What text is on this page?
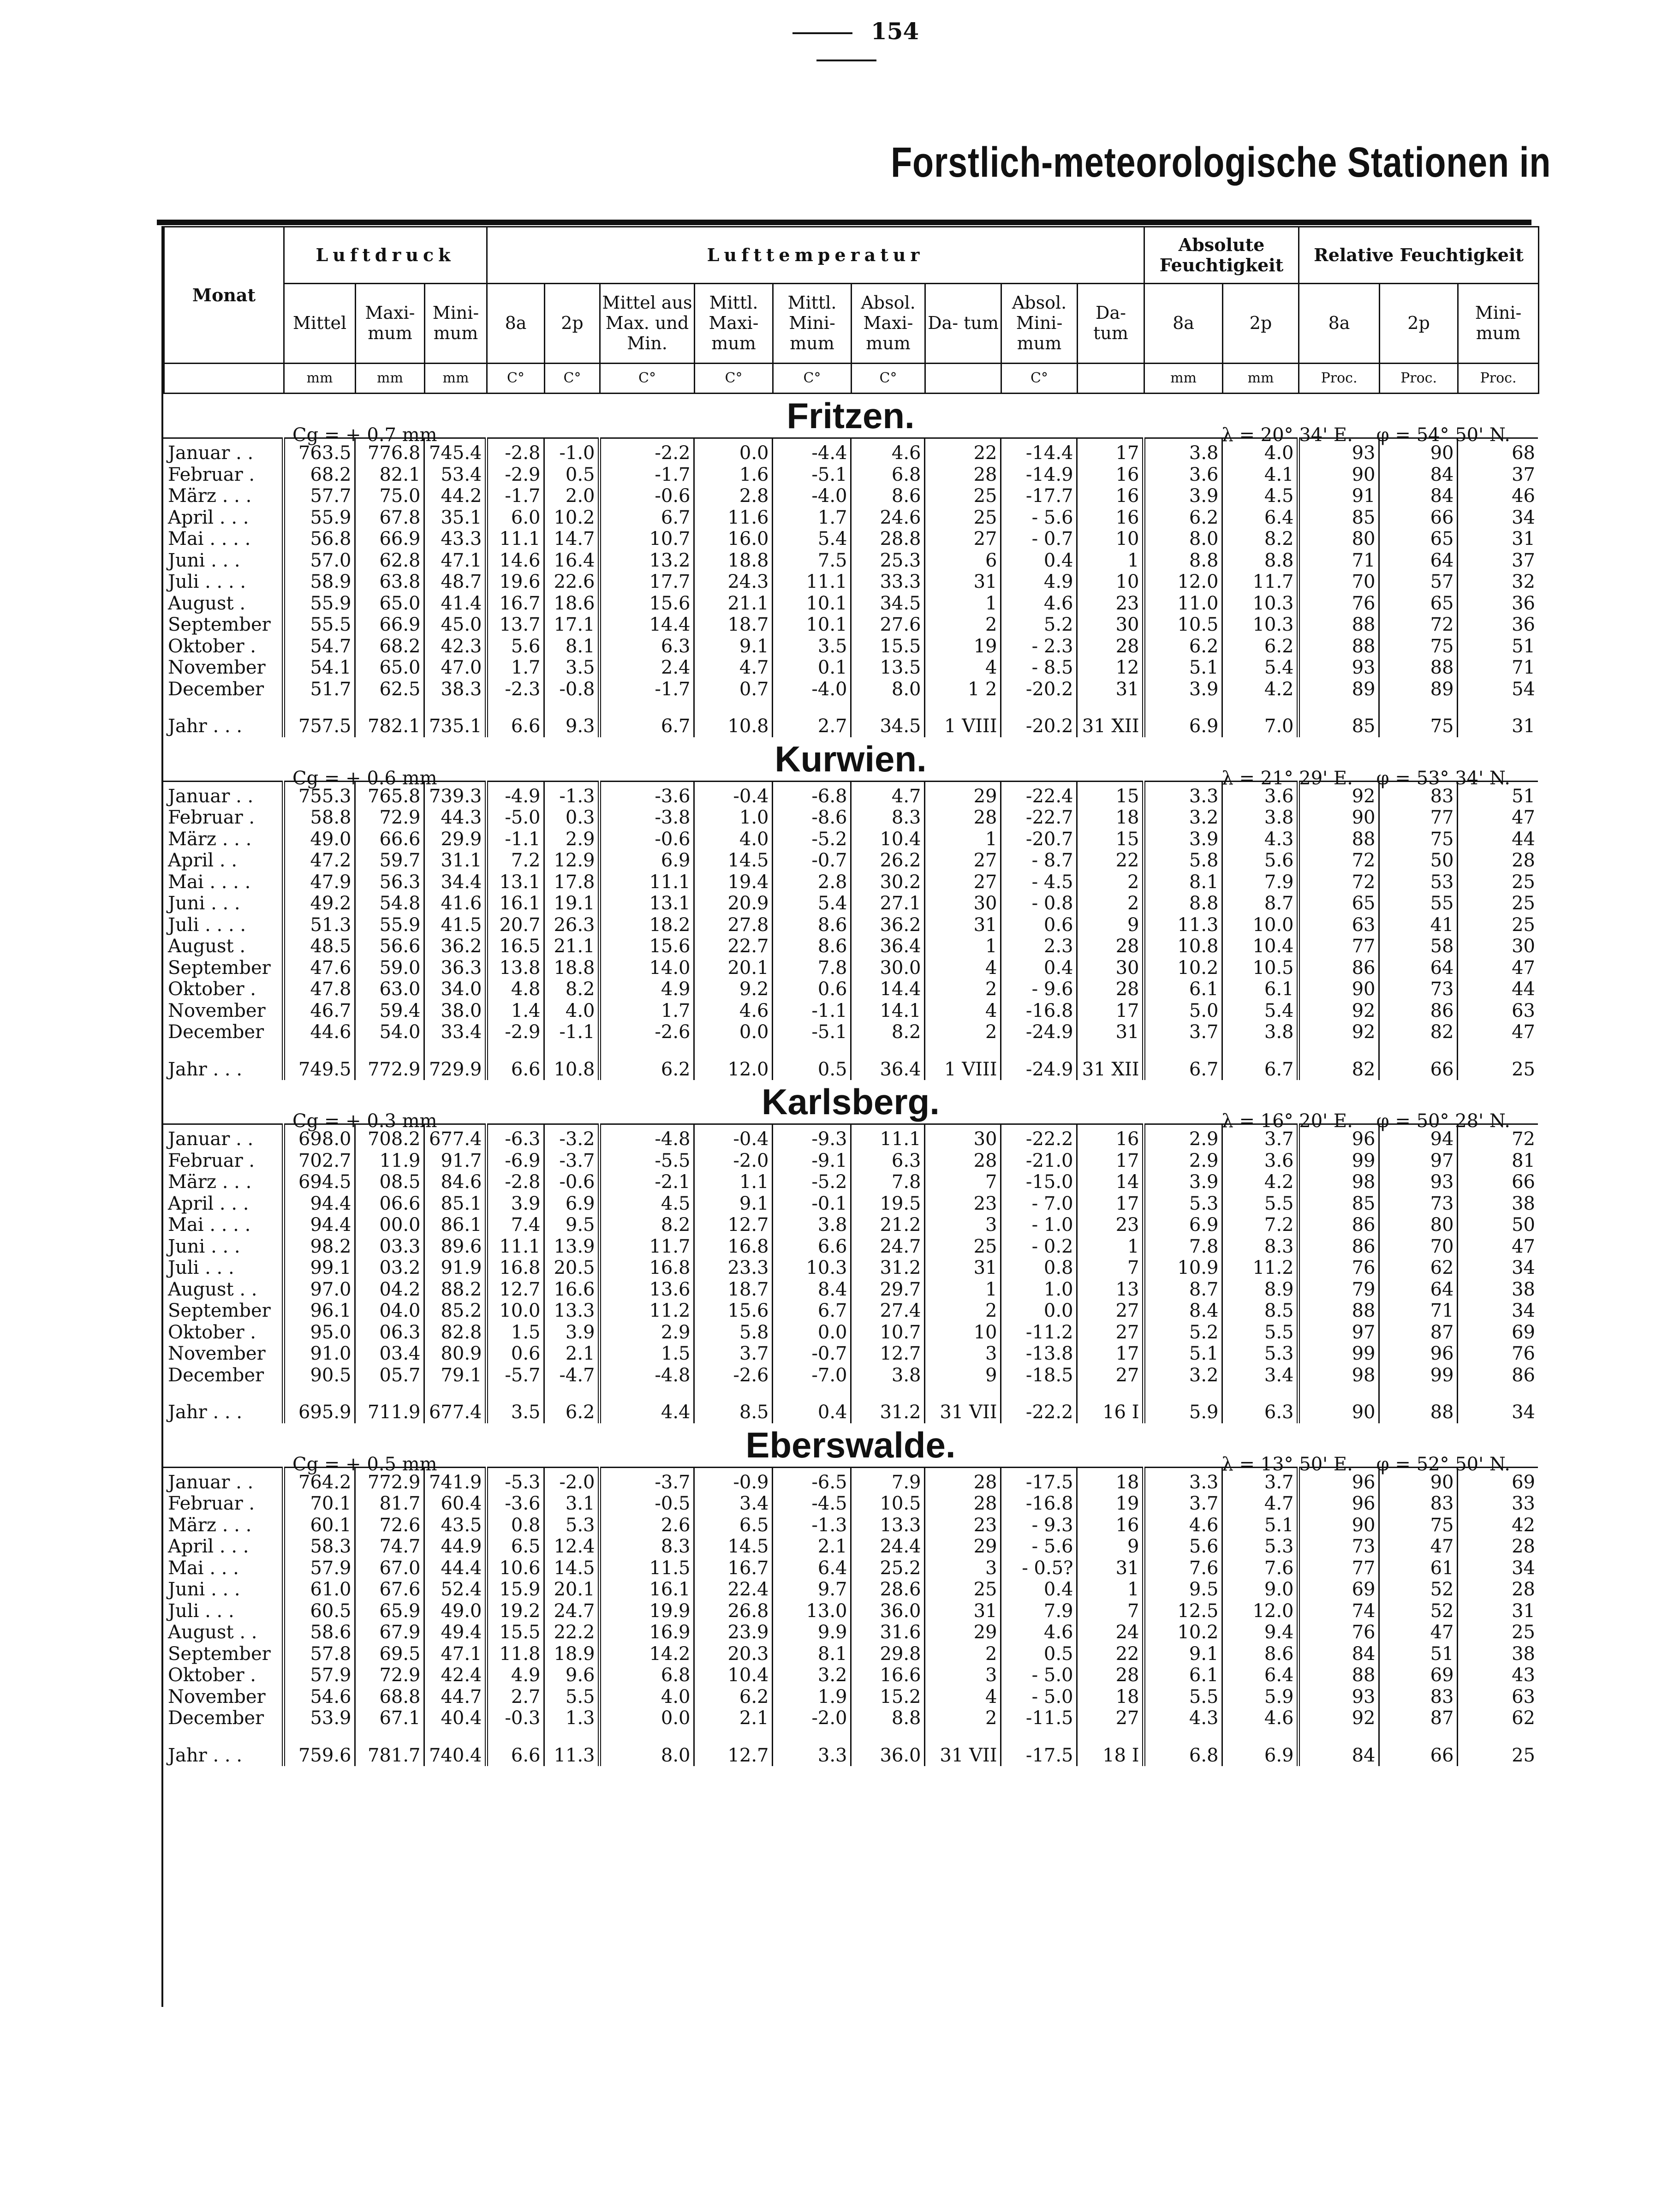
154
Forstlich-meteorologische Stationen in
Monat	Luftdruck			Lufttemperatur									Absolute Feuchtigkeit		Relative Feuchtigkeit		
	Mittel	Maxi- mum	Mini- mum	8a	2p	Mittel aus Max. und Min.	Mittl. Maxi- mum	Mittl. Mini- mum	Absol. Maxi- mum	Da- tum	Absol. Mini- mum	Da- tum	8a	2p	8a	2p	Mini- mum
	mm	mm	mm	C°	C°	C°	C°	C°	C°		C°		mm	mm	Proc.	Proc.	Proc.
Fritzen.
Cg = + 0.7 mm	λ = 20° 34' E.    φ = 54° 50' N.
Januar . .	763.5	776.8	745.4	-2.8	-1.0	-2.2	0.0	-4.4	4.6	22	-14.4	17	3.8	4.0	93	90	68
Februar .	68.2	82.1	53.4	-2.9	0.5	-1.7	1.6	-5.1	6.8	28	-14.9	16	3.6	4.1	90	84	37
März . . .	57.7	75.0	44.2	-1.7	2.0	-0.6	2.8	-4.0	8.6	25	-17.7	16	3.9	4.5	91	84	46
April . . .	55.9	67.8	35.1	6.0	10.2	6.7	11.6	1.7	24.6	25	- 5.6	16	6.2	6.4	85	66	34
Mai . . . .	56.8	66.9	43.3	11.1	14.7	10.7	16.0	5.4	28.8	27	- 0.7	10	8.0	8.2	80	65	31
Juni . . .	57.0	62.8	47.1	14.6	16.4	13.2	18.8	7.5	25.3	6	0.4	1	8.8	8.8	71	64	37
Juli . . . .	58.9	63.8	48.7	19.6	22.6	17.7	24.3	11.1	33.3	31	4.9	10	12.0	11.7	70	57	32
August .	55.9	65.0	41.4	16.7	18.6	15.6	21.1	10.1	34.5	1	4.6	23	11.0	10.3	76	65	36
September	55.5	66.9	45.0	13.7	17.1	14.4	18.7	10.1	27.6	2	5.2	30	10.5	10.3	88	72	36
Oktober .	54.7	68.2	42.3	5.6	8.1	6.3	9.1	3.5	15.5	19	- 2.3	28	6.2	6.2	88	75	51
November	54.1	65.0	47.0	1.7	3.5	2.4	4.7	0.1	13.5	4	- 8.5	12	5.1	5.4	93	88	71
December	51.7	62.5	38.3	-2.3	-0.8	-1.7	0.7	-4.0	8.0	1 2	-20.2	31	3.9	4.2	89	89	54
Jahr . . .	757.5	782.1	735.1	6.6	9.3	6.7	10.8	2.7	34.5	1 VIII	-20.2	31 XII	6.9	7.0	85	75	31
Kurwien.
Cg = + 0.6 mm	λ = 21° 29' E.    φ = 53° 34' N.
Januar . .	755.3	765.8	739.3	-4.9	-1.3	-3.6	-0.4	-6.8	4.7	29	-22.4	15	3.3	3.6	92	83	51
Februar .	58.8	72.9	44.3	-5.0	0.3	-3.8	1.0	-8.6	8.3	28	-22.7	18	3.2	3.8	90	77	47
März . . .	49.0	66.6	29.9	-1.1	2.9	-0.6	4.0	-5.2	10.4	1	-20.7	15	3.9	4.3	88	75	44
April . .	47.2	59.7	31.1	7.2	12.9	6.9	14.5	-0.7	26.2	27	- 8.7	22	5.8	5.6	72	50	28
Mai . . . .	47.9	56.3	34.4	13.1	17.8	11.1	19.4	2.8	30.2	27	- 4.5	2	8.1	7.9	72	53	25
Juni . . .	49.2	54.8	41.6	16.1	19.1	13.1	20.9	5.4	27.1	30	- 0.8	2	8.8	8.7	65	55	25
Juli . . . .	51.3	55.9	41.5	20.7	26.3	18.2	27.8	8.6	36.2	31	0.6	9	11.3	10.0	63	41	25
August .	48.5	56.6	36.2	16.5	21.1	15.6	22.7	8.6	36.4	1	2.3	28	10.8	10.4	77	58	30
September	47.6	59.0	36.3	13.8	18.8	14.0	20.1	7.8	30.0	4	0.4	30	10.2	10.5	86	64	47
Oktober .	47.8	63.0	34.0	4.8	8.2	4.9	9.2	0.6	14.4	2	- 9.6	28	6.1	6.1	90	73	44
November	46.7	59.4	38.0	1.4	4.0	1.7	4.6	-1.1	14.1	4	-16.8	17	5.0	5.4	92	86	63
December	44.6	54.0	33.4	-2.9	-1.1	-2.6	0.0	-5.1	8.2	2	-24.9	31	3.7	3.8	92	82	47
Jahr . . .	749.5	772.9	729.9	6.6	10.8	6.2	12.0	0.5	36.4	1 VIII	-24.9	31 XII	6.7	6.7	82	66	25
Karlsberg.
Cg = + 0.3 mm	λ = 16° 20' E.    φ = 50° 28' N.
Januar . .	698.0	708.2	677.4	-6.3	-3.2	-4.8	-0.4	-9.3	11.1	30	-22.2	16	2.9	3.7	96	94	72
Februar .	702.7	11.9	91.7	-6.9	-3.7	-5.5	-2.0	-9.1	6.3	28	-21.0	17	2.9	3.6	99	97	81
März . . .	694.5	08.5	84.6	-2.8	-0.6	-2.1	1.1	-5.2	7.8	7	-15.0	14	3.9	4.2	98	93	66
April . . .	94.4	06.6	85.1	3.9	6.9	4.5	9.1	-0.1	19.5	23	- 7.0	17	5.3	5.5	85	73	38
Mai . . . .	94.4	00.0	86.1	7.4	9.5	8.2	12.7	3.8	21.2	3	- 1.0	23	6.9	7.2	86	80	50
Juni . . .	98.2	03.3	89.6	11.1	13.9	11.7	16.8	6.6	24.7	25	- 0.2	1	7.8	8.3	86	70	47
Juli . . .	99.1	03.2	91.9	16.8	20.5	16.8	23.3	10.3	31.2	31	0.8	7	10.9	11.2	76	62	34
August . .	97.0	04.2	88.2	12.7	16.6	13.6	18.7	8.4	29.7	1	1.0	13	8.7	8.9	79	64	38
September	96.1	04.0	85.2	10.0	13.3	11.2	15.6	6.7	27.4	2	0.0	27	8.4	8.5	88	71	34
Oktober .	95.0	06.3	82.8	1.5	3.9	2.9	5.8	0.0	10.7	10	-11.2	27	5.2	5.5	97	87	69
November	91.0	03.4	80.9	0.6	2.1	1.5	3.7	-0.7	12.7	3	-13.8	17	5.1	5.3	99	96	76
December	90.5	05.7	79.1	-5.7	-4.7	-4.8	-2.6	-7.0	3.8	9	-18.5	27	3.2	3.4	98	99	86
Jahr . . .	695.9	711.9	677.4	3.5	6.2	4.4	8.5	0.4	31.2	31 VII	-22.2	16 I	5.9	6.3	90	88	34
Eberswalde.
Cg = + 0.5 mm	λ = 13° 50' E.    φ = 52° 50' N.
Januar . .	764.2	772.9	741.9	-5.3	-2.0	-3.7	-0.9	-6.5	7.9	28	-17.5	18	3.3	3.7	96	90	69
Februar .	70.1	81.7	60.4	-3.6	3.1	-0.5	3.4	-4.5	10.5	28	-16.8	19	3.7	4.7	96	83	33
März . . .	60.1	72.6	43.5	0.8	5.3	2.6	6.5	-1.3	13.3	23	- 9.3	16	4.6	5.1	90	75	42
April . . .	58.3	74.7	44.9	6.5	12.4	8.3	14.5	2.1	24.4	29	- 5.6	9	5.6	5.3	73	47	28
Mai . . .	57.9	67.0	44.4	10.6	14.5	11.5	16.7	6.4	25.2	3	- 0.5?	31	7.6	7.6	77	61	34
Juni . . .	61.0	67.6	52.4	15.9	20.1	16.1	22.4	9.7	28.6	25	0.4	1	9.5	9.0	69	52	28
Juli . . .	60.5	65.9	49.0	19.2	24.7	19.9	26.8	13.0	36.0	31	7.9	7	12.5	12.0	74	52	31
August . .	58.6	67.9	49.4	15.5	22.2	16.9	23.9	9.9	31.6	29	4.6	24	10.2	9.4	76	47	25
September	57.8	69.5	47.1	11.8	18.9	14.2	20.3	8.1	29.8	2	0.5	22	9.1	8.6	84	51	38
Oktober .	57.9	72.9	42.4	4.9	9.6	6.8	10.4	3.2	16.6	3	- 5.0	28	6.1	6.4	88	69	43
November	54.6	68.8	44.7	2.7	5.5	4.0	6.2	1.9	15.2	4	- 5.0	18	5.5	5.9	93	83	63
December	53.9	67.1	40.4	-0.3	1.3	0.0	2.1	-2.0	8.8	2	-11.5	27	4.3	4.6	92	87	62
Jahr . . .	759.6	781.7	740.4	6.6	11.3	8.0	12.7	3.3	36.0	31 VII	-17.5	18 I	6.8	6.9	84	66	25
